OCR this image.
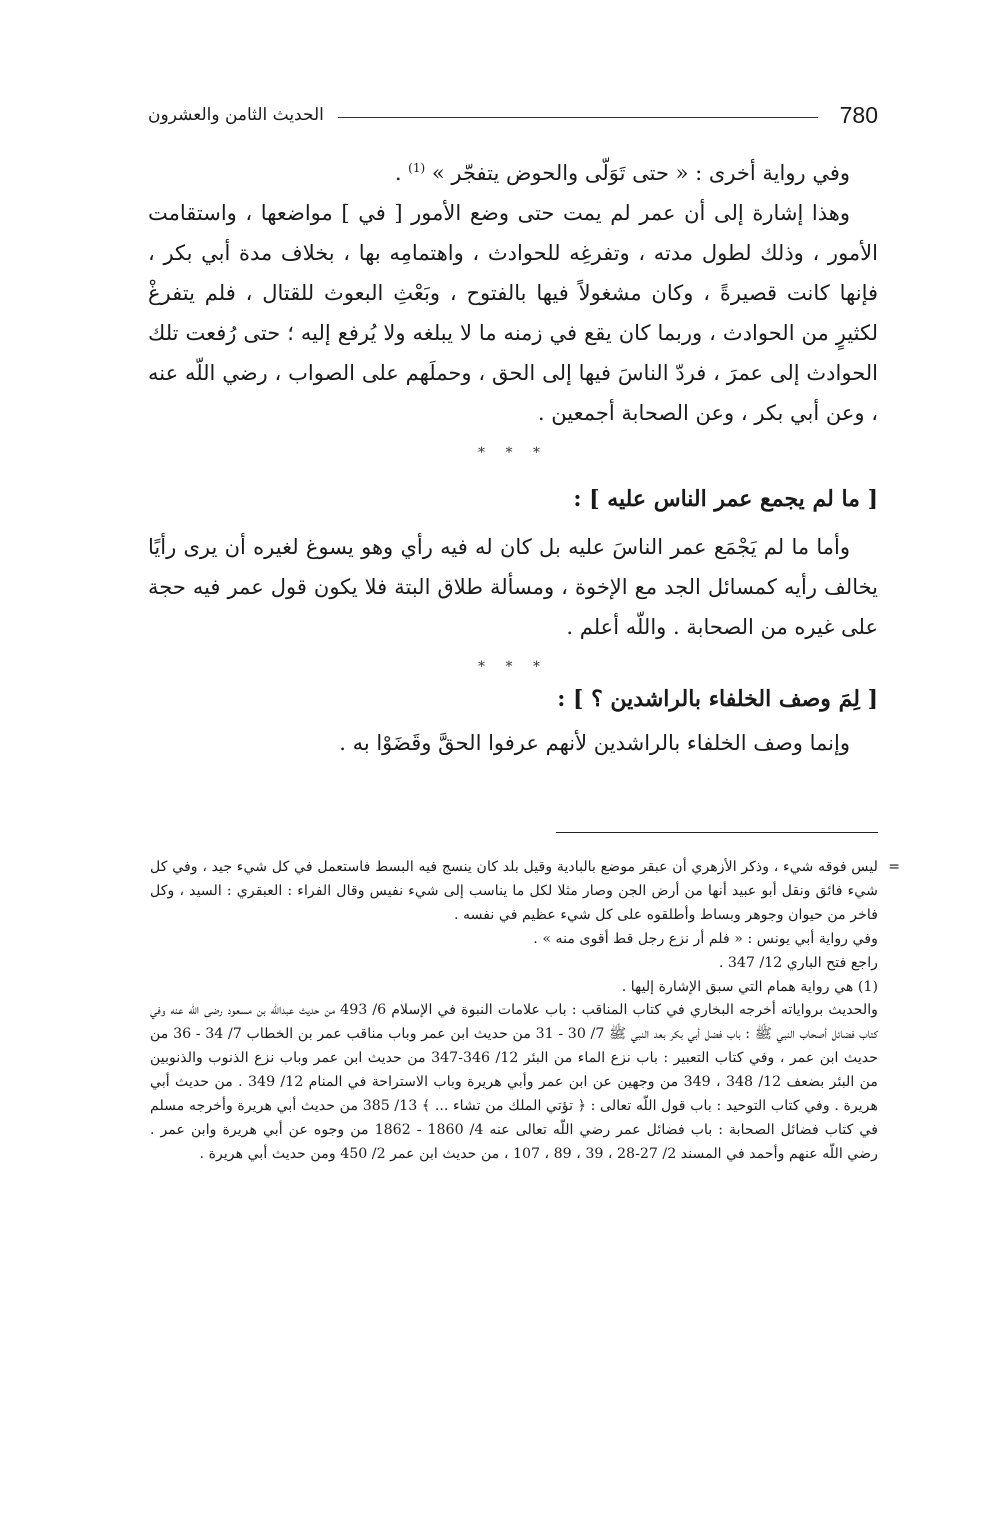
780
الحديث الثامن والعشرون

وفي رواية أخرى : « حتى تَوَلّى والحوض يتفجّر » $^{(1)}$ .

وهذا إشارة إلى أن عمر لم يمت حتى وضع الأمور [ في ] مواضعها ، واستقامت الأمور ، وذلك لطول مدته ، وتفرغِه للحوادث ، واهتمامِه بها ، بخلاف مدة أبي بكر ، فإنها كانت قصيرةً ، وكان مشغولاً فيها بالفتوح ، وبَعْثِ البعوث للقتال ، فلم يتفرغْ لكثيرٍ من الحوادث ، وربما كان يقع في زمنه ما لا يبلغه ولا يُرفع إليه ؛ حتى رُفعت تلك الحوادث إلى عمرَ ، فردّ الناسَ فيها إلى الحق ، وحملَهم على الصواب ، رضي اللّه عنه ، وعن أبي بكر ، وعن الصحابة أجمعين .

* * *

[ ما لم يجمع عمر الناس عليه ] :

وأما ما لم يَجْمَع عمر الناسَ عليه بل كان له فيه رأي وهو يسوغ لغيره أن يرى رأيًا يخالف رأيه كمسائل الجد مع الإخوة ، ومسألة طلاق البتة فلا يكون قول عمر فيه حجة على غيره من الصحابة . واللّه أعلم .

* * *

[ لِمَ وصف الخلفاء بالراشدين ؟ ] :

وإنما وصف الخلفاء بالراشدين لأنهم عرفوا الحقَّ وقَضَوْا به .

=
ليس فوقه شيء ، وذكر الأزهري أن عبقر موضع بالبادية وقيل بلد كان ينسج فيه البسط فاستعمل في كل شيء جيد ، وفي كل شيء فائق ونقل أبو عبيد أنها من أرض الجن وصار مثلا لكل ما يناسب إلى شيء نفيس وقال الفراء : العبقري : السيد ، وكل فاخر من حيوان وجوهر وبساط وأطلقوه على كل شيء عظيم في نفسه .

وفي رواية أبي يونس : « فلم أر نزع رجل قط أقوى منه » .

راجع فتح الباري 12/ 347 .

(1) هي رواية همام التي سبق الإشارة إليها .

والحديث برواياته أخرجه البخاري في كتاب المناقب : باب علامات النبوة في الإسلام 6/ 493 من حديث عبداللّه بن مسعود رضى اللّه عنه وفي كتاب فضائل أصحاب النبي ﷺ : باب فضل أبي بكر بعد النبي ﷺ 7/ 30 - 31 من حديث ابن عمر وباب مناقب عمر بن الخطاب 7/ 34 - 36 من حديث ابن عمر ، وفي كتاب التعبير : باب نزع الماء من البئر 12/ 346-347 من حديث ابن عمر وباب نزع الذنوب والذنوبين من البئر بضعف 12/ 348 ، 349 من وجهين عن ابن عمر وأبي هريرة وباب الاستراحة في المنام 12/ 349 . من حديث أبي هريرة . وفي كتاب التوحيد : باب قول اللّه تعالى : ﴿ تؤتي الملك من تشاء ... ﴾ 13/ 385 من حديث أبي هريرة وأخرجه مسلم في كتاب فضائل الصحابة : باب فضائل عمر رضي اللّه تعالى عنه 4/ 1860 - 1862 من وجوه عن أبي هريرة وابن عمر . رضي اللّه عنهم وأحمد في المسند 2/ 27-28 ، 39 ، 89 ، 107 ، من حديث ابن عمر 2/ 450 ومن حديث أبي هريرة .
